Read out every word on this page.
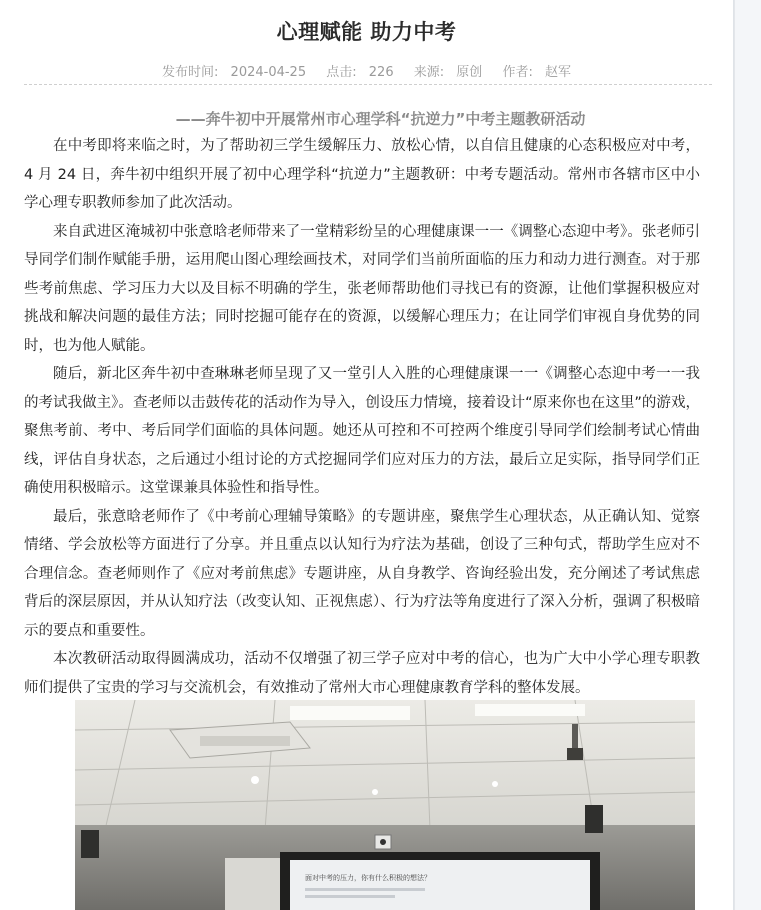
心理赋能 助力中考
发布时间: 2024-04-25 点击: 226 来源: 原创 作者: 赵军
——奔牛初中开展常州市心理学科“抗逆力”中考主题教研活动

在中考即将来临之时，为了帮助初三学生缓解压力、放松心情，以自信且健康的心态积极应对中考，4 月 24 日，奔牛初中组织开展了初中心理学科“抗逆力”主题教研：中考专题活动。常州市各辖市区中小学心理专职教师参加了此次活动。

来自武进区淹城初中张意晗老师带来了一堂精彩纷呈的心理健康课一一《调整心态迎中考》。张老师引导同学们制作赋能手册，运用爬山图心理绘画技术，对同学们当前所面临的压力和动力进行测查。对于那些考前焦虑、学习压力大以及目标不明确的学生，张老师帮助他们寻找已有的资源，让他们掌握积极应对挑战和解决问题的最佳方法；同时挖掘可能存在的资源，以缓解心理压力；在让同学们审视自身优势的同时，也为他人赋能。

随后，新北区奔牛初中查琳琳老师呈现了又一堂引人入胜的心理健康课一一《调整心态迎中考一一我的考试我做主》。查老师以击鼓传花的活动作为导入，创设压力情境，接着设计“原来你也在这里”的游戏，聚焦考前、考中、考后同学们面临的具体问题。她还从可控和不可控两个维度引导同学们绘制考试心情曲线，评估自身状态，之后通过小组讨论的方式挖掘同学们应对压力的方法，最后立足实际，指导同学们正确使用积极暗示。这堂课兼具体验性和指导性。

最后，张意晗老师作了《中考前心理辅导策略》的专题讲座，聚焦学生心理状态，从正确认知、觉察情绪、学会放松等方面进行了分享。并且重点以认知行为疗法为基础，创设了三种句式，帮助学生应对不合理信念。查老师则作了《应对考前焦虑》专题讲座，从自身教学、咨询经验出发，充分阐述了考试焦虑背后的深层原因，并从认知疗法（改变认知、正视焦虑）、行为疗法等角度进行了深入分析，强调了积极暗示的要点和重要性。

本次教研活动取得圆满成功，活动不仅增强了初三学子应对中考的信心，也为广大中小学心理专职教师们提供了宝贵的学习与交流机会，有效推动了常州大市心理健康教育学科的整体发展。

面对中考的压力，你有什么积极的想法？
